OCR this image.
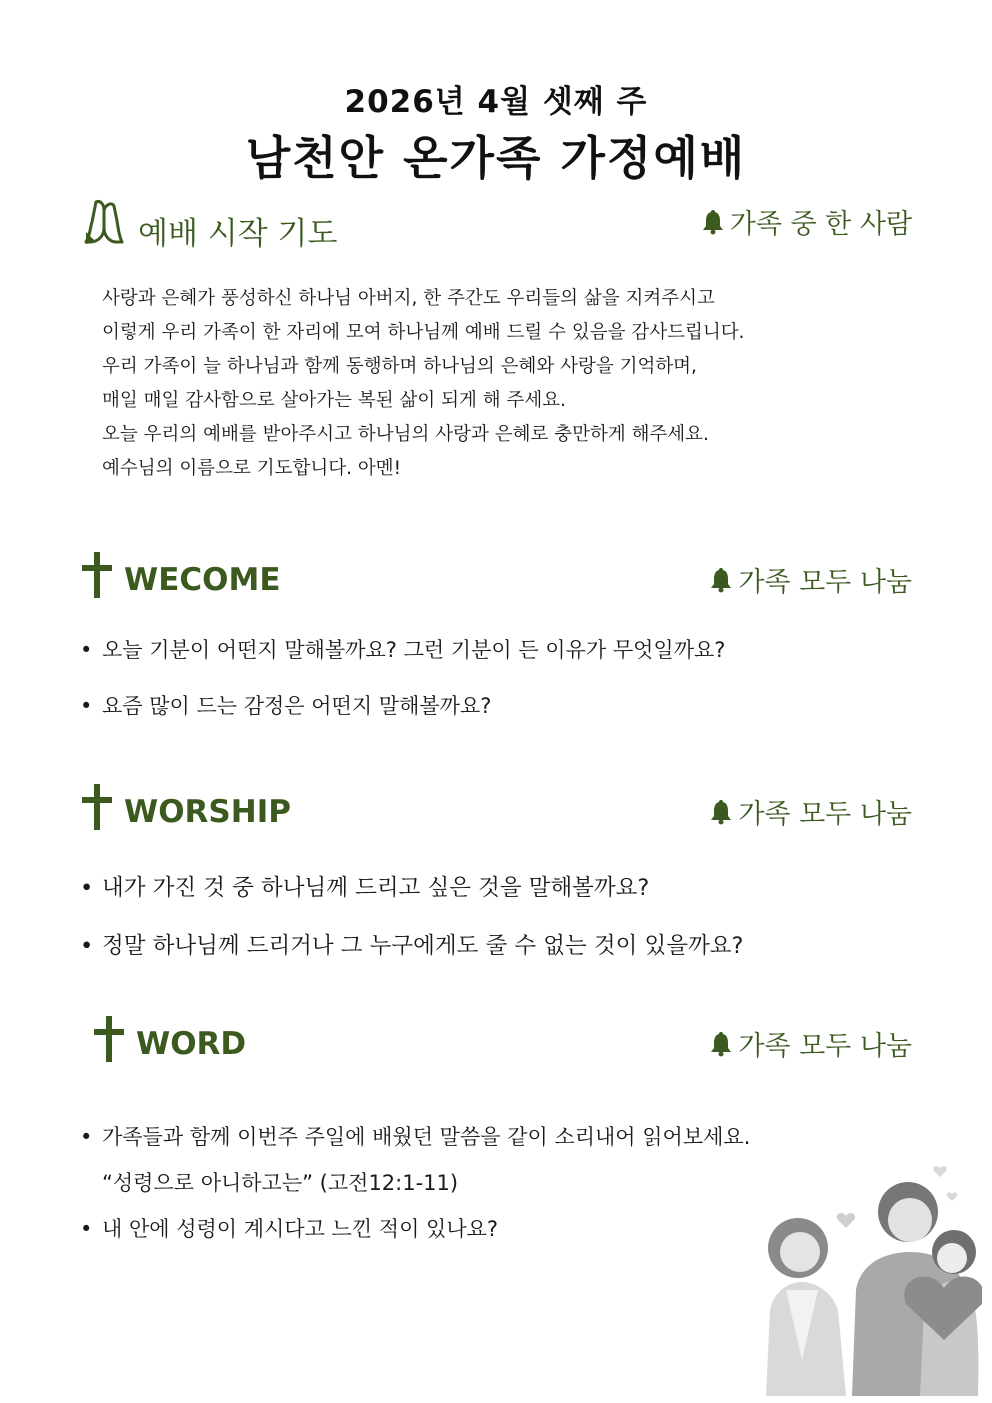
2026년 4월 셋째 주
남천안 온가족 가정예배
예배 시작 기도	가족 중 한 사람
사랑과 은혜가 풍성하신 하나님 아버지, 한 주간도 우리들의 삶을 지켜주시고
이렇게 우리 가족이 한 자리에 모여 하나님께 예배 드릴 수 있음을 감사드립니다.
우리 가족이 늘 하나님과 함께 동행하며 하나님의 은혜와 사랑을 기억하며,
매일 매일 감사함으로 살아가는 복된 삶이 되게 해 주세요.
오늘 우리의 예배를 받아주시고 하나님의 사랑과 은혜로 충만하게 해주세요.
예수님의 이름으로 기도합니다. 아멘!
WECOME	가족 모두 나눔
• 오늘 기분이 어떤지 말해볼까요? 그런 기분이 든 이유가 무엇일까요?
• 요즘 많이 드는 감정은 어떤지 말해볼까요?
WORSHIP	가족 모두 나눔
• 내가 가진 것 중 하나님께 드리고 싶은 것을 말해볼까요?
• 정말 하나님께 드리거나 그 누구에게도 줄 수 없는 것이 있을까요?
WORD	가족 모두 나눔
• 가족들과 함께 이번주 주일에 배웠던 말씀을 같이 소리내어 읽어보세요.
“성령으로 아니하고는” (고전12:1-11)
• 내 안에 성령이 계시다고 느낀 적이 있나요?
